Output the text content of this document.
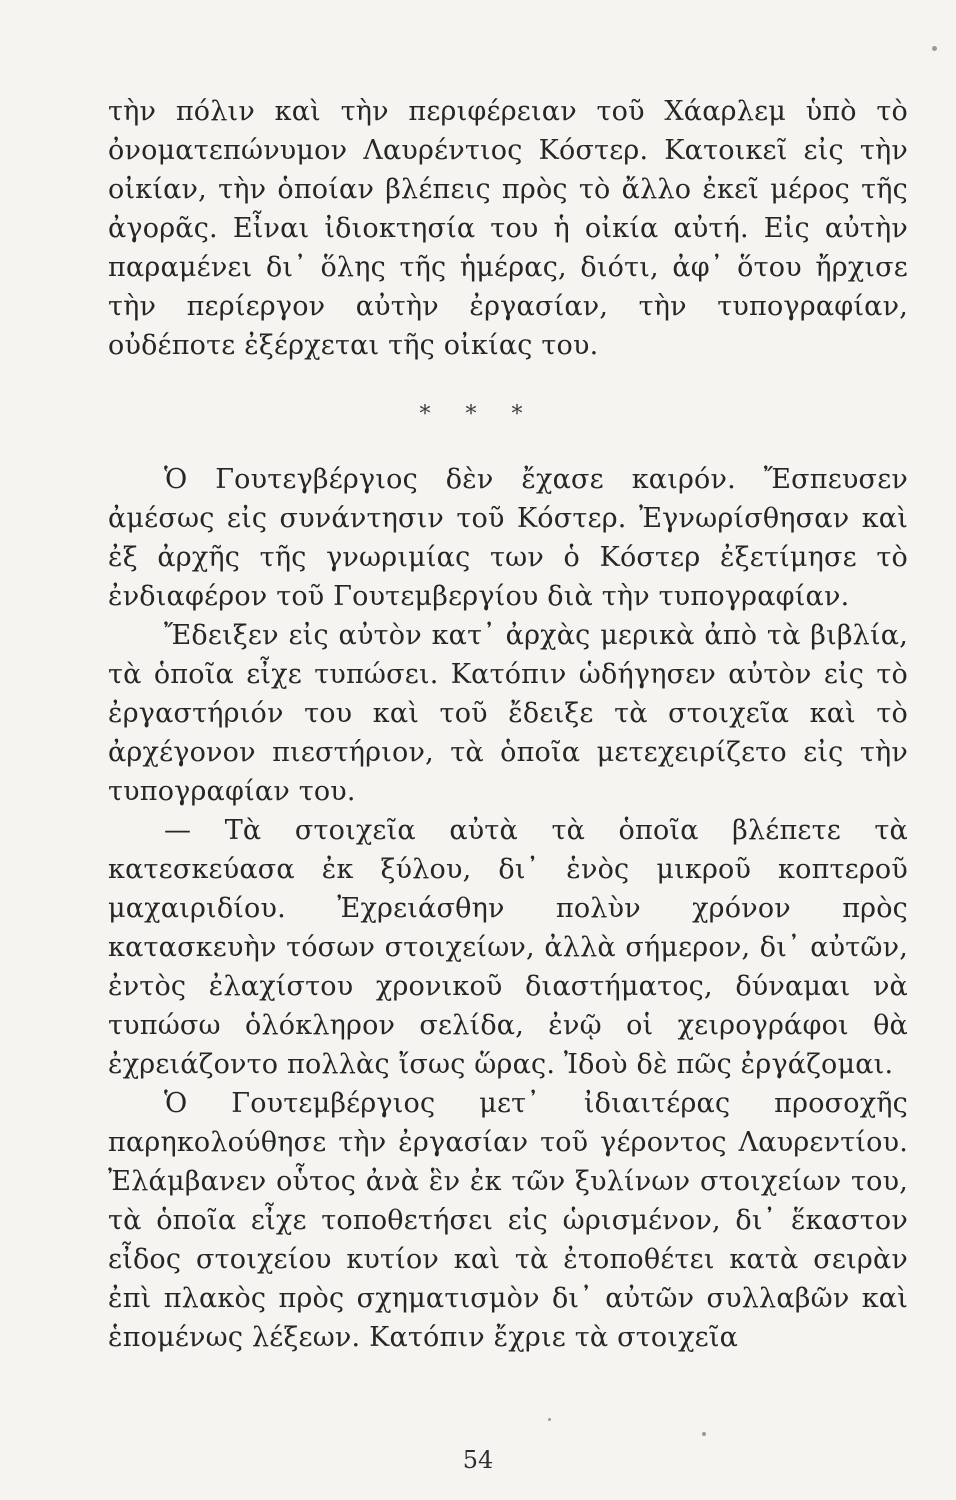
τὴν πόλιν καὶ τὴν περιφέρειαν τοῦ Χάαρλεμ ὑπὸ τὸ ὀνοματεπώνυμον Λαυρέντιος Κόστερ. Κατοικεῖ εἰς τὴν οἰκίαν, τὴν ὁποίαν βλέπεις πρὸς τὸ ἄλλο ἐκεῖ μέρος τῆς ἀγορᾶς. Εἶναι ἰδιοκτησία του ἡ οἰκία αὐτή. Εἰς αὐτὴν παραμένει δι᾽ ὅλης τῆς ἡμέρας, διότι, ἀφ᾽ ὅτου ἤρχισε τὴν περίεργον αὐτὴν ἐργασίαν, τὴν τυπογραφίαν, οὐδέποτε ἐξέρχεται τῆς οἰκίας του.

* * *

Ὁ Γουτεγβέργιος δὲν ἔχασε καιρόν. Ἔσπευσεν ἀμέσως εἰς συνάντησιν τοῦ Κόστερ. Ἐγνωρίσθησαν καὶ ἐξ ἀρχῆς τῆς γνωριμίας των ὁ Κόστερ ἐξετίμησε τὸ ἐνδιαφέρον τοῦ Γουτεμβεργίου διὰ τὴν τυπογραφίαν.

Ἔδειξεν εἰς αὐτὸν κατ᾽ ἀρχὰς μερικὰ ἀπὸ τὰ βιβλία, τὰ ὁποῖα εἶχε τυπώσει. Κατόπιν ὡδήγησεν αὐτὸν εἰς τὸ ἐργαστήριόν του καὶ τοῦ ἔδειξε τὰ στοιχεῖα καὶ τὸ ἀρχέγονον πιεστήριον, τὰ ὁποῖα μετεχειρίζετο εἰς τὴν τυπογραφίαν του.

— Τὰ στοιχεῖα αὐτὰ τὰ ὁποῖα βλέπετε τὰ κατεσκεύασα ἐκ ξύλου, δι᾽ ἑνὸς μικροῦ κοπτεροῦ μαχαιριδίου. Ἐχρειάσθην πολὺν χρόνον πρὸς κατασκευὴν τόσων στοιχείων, ἀλλὰ σήμερον, δι᾽ αὐτῶν, ἐντὸς ἐλαχίστου χρονικοῦ διαστήματος, δύναμαι νὰ τυπώσω ὁλόκληρον σελίδα, ἐνῷ οἱ χειρογράφοι θὰ ἐχρειάζοντο πολλὰς ἴσως ὥρας. Ἰδοὺ δὲ πῶς ἐργάζομαι.

Ὁ Γουτεμβέργιος μετ᾽ ἰδιαιτέρας προσοχῆς παρηκολούθησε τὴν ἐργασίαν τοῦ γέροντος Λαυρεντίου. Ἐλάμβανεν οὗτος ἀνὰ ἓν ἐκ τῶν ξυλίνων στοιχείων του, τὰ ὁποῖα εἶχε τοποθετήσει εἰς ὡρισμένον, δι᾽ ἕκαστον εἶδος στοιχείου κυτίον καὶ τὰ ἐτοποθέτει κατὰ σειρὰν ἐπὶ πλακὸς πρὸς σχηματισμὸν δι᾽ αὐτῶν συλλαβῶν καὶ ἑπομένως λέξεων. Κατόπιν ἔχριε τὰ στοιχεῖα

54
